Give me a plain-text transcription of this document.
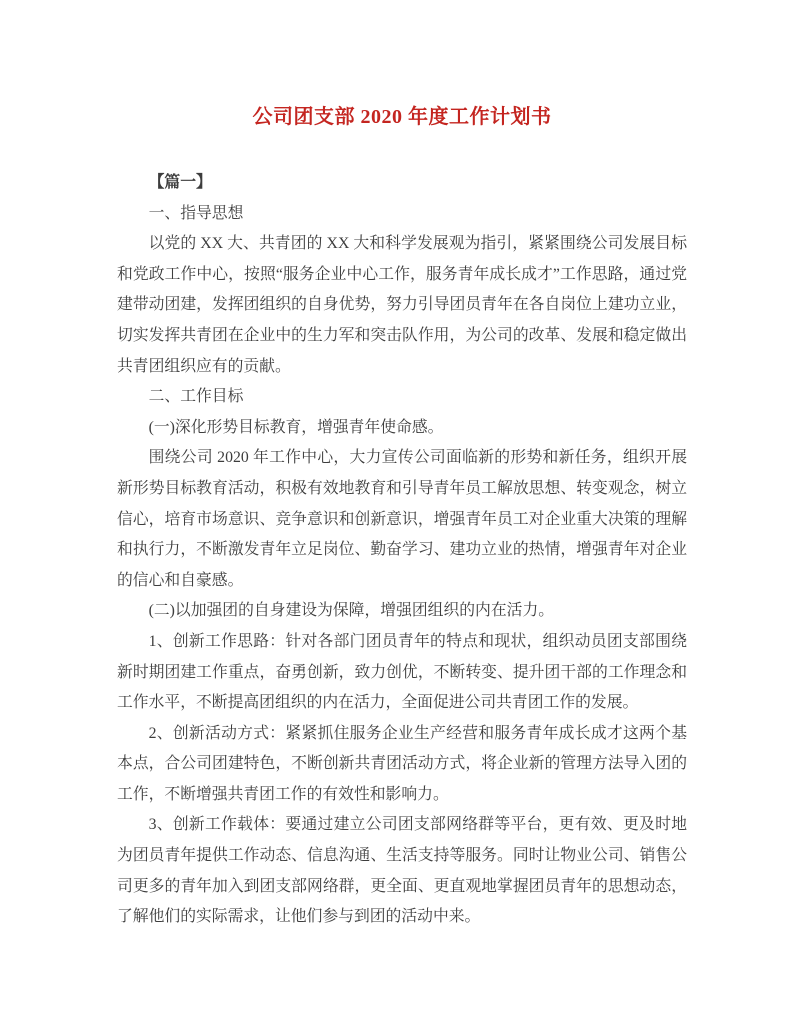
公司团支部 2020 年度工作计划书

【篇一】

一、指导思想

以党的 XX 大、共青团的 XX 大和科学发展观为指引，紧紧围绕公司发展目标和党政工作中心，按照“服务企业中心工作，服务青年成长成才”工作思路，通过党建带动团建，发挥团组织的自身优势，努力引导团员青年在各自岗位上建功立业，切实发挥共青团在企业中的生力军和突击队作用，为公司的改革、发展和稳定做出共青团组织应有的贡献。

二、工作目标

(一)深化形势目标教育，增强青年使命感。

围绕公司 2020 年工作中心，大力宣传公司面临新的形势和新任务，组织开展新形势目标教育活动，积极有效地教育和引导青年员工解放思想、转变观念，树立信心，培育市场意识、竞争意识和创新意识，增强青年员工对企业重大决策的理解和执行力，不断激发青年立足岗位、勤奋学习、建功立业的热情，增强青年对企业的信心和自豪感。

(二)以加强团的自身建设为保障，增强团组织的内在活力。

1、创新工作思路：针对各部门团员青年的特点和现状，组织动员团支部围绕新时期团建工作重点，奋勇创新，致力创优，不断转变、提升团干部的工作理念和工作水平，不断提高团组织的内在活力，全面促进公司共青团工作的发展。

2、创新活动方式：紧紧抓住服务企业生产经营和服务青年成长成才这两个基本点，合公司团建特色，不断创新共青团活动方式，将企业新的管理方法导入团的工作，不断增强共青团工作的有效性和影响力。

3、创新工作载体：要通过建立公司团支部网络群等平台，更有效、更及时地为团员青年提供工作动态、信息沟通、生活支持等服务。同时让物业公司、销售公司更多的青年加入到团支部网络群，更全面、更直观地掌握团员青年的思想动态，了解他们的实际需求，让他们参与到团的活动中来。
